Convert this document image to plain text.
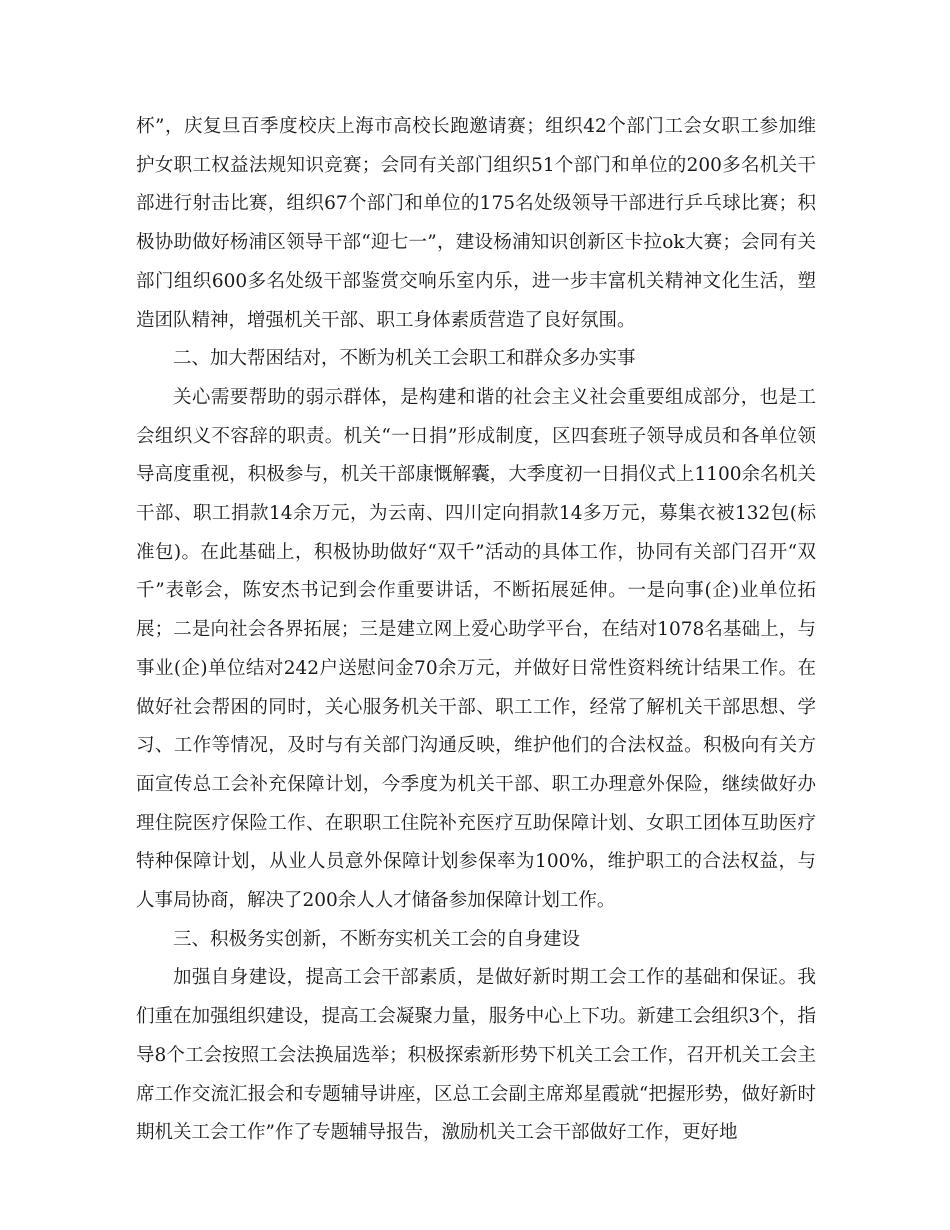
杯”，庆复旦百季度校庆上海市高校长跑邀请赛；组织42个部门工会女职工参加维护女职工权益法规知识竞赛；会同有关部门组织51个部门和单位的200多名机关干部进行射击比赛，组织67个部门和单位的175名处级领导干部进行乒乓球比赛；积极协助做好杨浦区领导干部“迎七一”，建设杨浦知识创新区卡拉ok大赛；会同有关部门组织600多名处级干部鉴赏交响乐室内乐，进一步丰富机关精神文化生活，塑造团队精神，增强机关干部、职工身体素质营造了良好氛围。

二、加大帮困结对，不断为机关工会职工和群众多办实事

关心需要帮助的弱示群体，是构建和谐的社会主义社会重要组成部分，也是工会组织义不容辞的职责。机关“一日捐”形成制度，区四套班子领导成员和各单位领导高度重视，积极参与，机关干部康慨解囊，大季度初一日捐仪式上1100余名机关干部、职工捐款14余万元，为云南、四川定向捐款14多万元，募集衣被132包(标准包)。在此基础上，积极协助做好“双千”活动的具体工作，协同有关部门召开“双千”表彰会，陈安杰书记到会作重要讲话，不断拓展延伸。一是向事(企)业单位拓展；二是向社会各界拓展；三是建立网上爱心助学平台，在结对1078名基础上，与事业(企)单位结对242户送慰问金70余万元，并做好日常性资料统计结果工作。在做好社会帮困的同时，关心服务机关干部、职工工作，经常了解机关干部思想、学习、工作等情况，及时与有关部门沟通反映，维护他们的合法权益。积极向有关方面宣传总工会补充保障计划，今季度为机关干部、职工办理意外保险，继续做好办理住院医疗保险工作、在职职工住院补充医疗互助保障计划、女职工团体互助医疗特种保障计划，从业人员意外保障计划参保率为100%，维护职工的合法权益，与人事局协商，解决了200余人人才储备参加保障计划工作。

三、积极务实创新，不断夯实机关工会的自身建设

加强自身建设，提高工会干部素质，是做好新时期工会工作的基础和保证。我们重在加强组织建设，提高工会凝聚力量，服务中心上下功。新建工会组织3个，指导8个工会按照工会法换届选举；积极探索新形势下机关工会工作，召开机关工会主席工作交流汇报会和专题辅导讲座，区总工会副主席郑星霞就“把握形势，做好新时期机关工会工作”作了专题辅导报告，激励机关工会干部做好工作，更好地
